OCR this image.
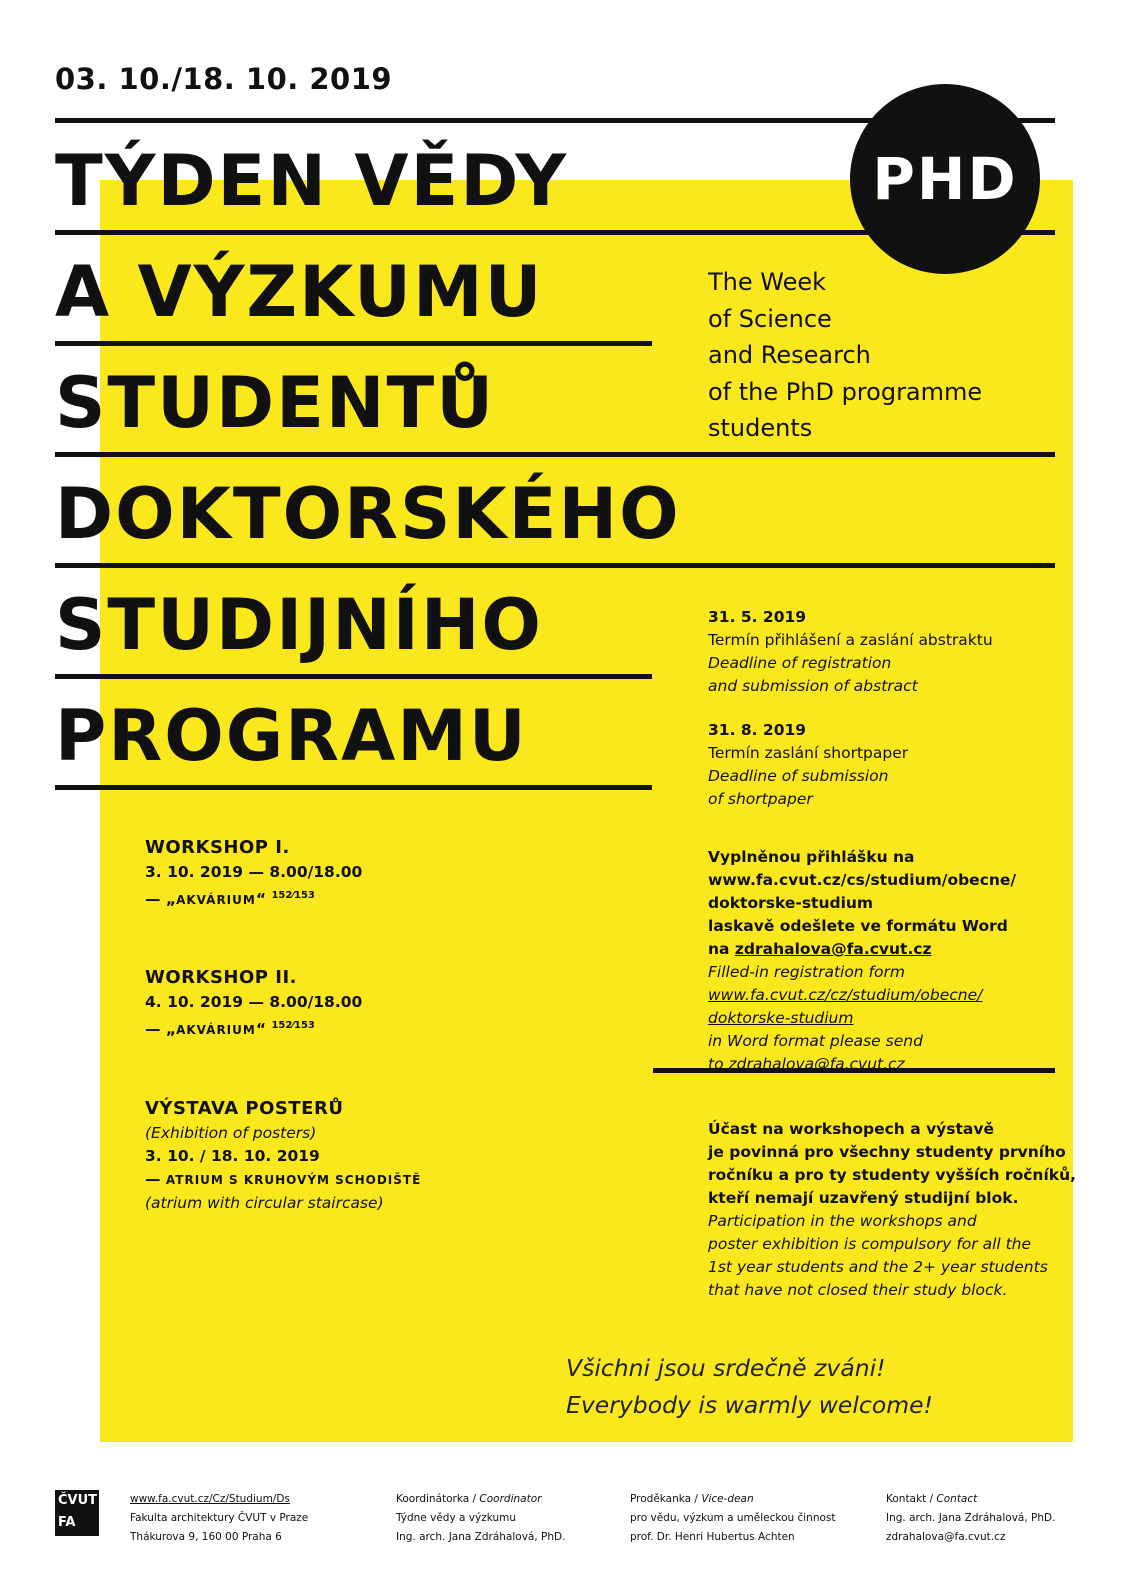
03. 10./18. 10. 2019
TÝDEN VĚDY
A VÝZKUMU
STUDENTŮ
DOKTORSKÉHO
STUDIJNÍHO
PROGRAMU
PHD
The Week
of Science
and Research
of the PhD programme
students
31. 5. 2019
Termín přihlášení a zaslání abstraktu
Deadline of registration
and submission of abstract
31. 8. 2019
Termín zaslání shortpaper
Deadline of submission
of shortpaper
Vyplněnou přihlášku na
www.fa.cvut.cz/cs/studium/obecne/
doktorske-studium
laskavě odešlete ve formátu Word
na zdrahalova@fa.cvut.cz
Filled-in registration form
www.fa.cvut.cz/cz/studium/obecne/
doktorske-studium
in Word format please send
to zdrahalova@fa.cvut.cz
Účast na workshopech a výstavě
je povinná pro všechny studenty prvního
ročníku a pro ty studenty vyšších ročníků,
kteří nemají uzavřený studijní blok.
Participation in the workshops and
poster exhibition is compulsory for all the
1st year students and the 2+ year students
that have not closed their study block.
WORKSHOP I.
3. 10. 2019 — 8.00/18.00
— „AKVÁRIUM“ $^{152⁄153}$
WORKSHOP II.
4. 10. 2019 — 8.00/18.00
— „AKVÁRIUM“ $^{152⁄153}$
VÝSTAVA POSTERŮ
(Exhibition of posters)
3. 10. / 18. 10. 2019
— ATRIUM S KRUHOVÝM SCHODIŠTĚ
(atrium with circular staircase)
Všichni jsou srdečně zváni!
Everybody is warmly welcome!
ČVUT
FA
www.fa.cvut.cz/Cz/Studium/Ds
Fakulta architektury ČVUT v Praze
Thákurova 9, 160 00 Praha 6
Koordinátorka / Coordinator
Týdne vědy a výzkumu
Ing. arch. Jana Zdráhalová, PhD.
Proděkanka / Vice-dean
pro vědu, výzkum a uměleckou činnost
prof. Dr. Henri Hubertus Achten
Kontakt / Contact
Ing. arch. Jana Zdráhalová, PhD.
zdrahalova@fa.cvut.cz
